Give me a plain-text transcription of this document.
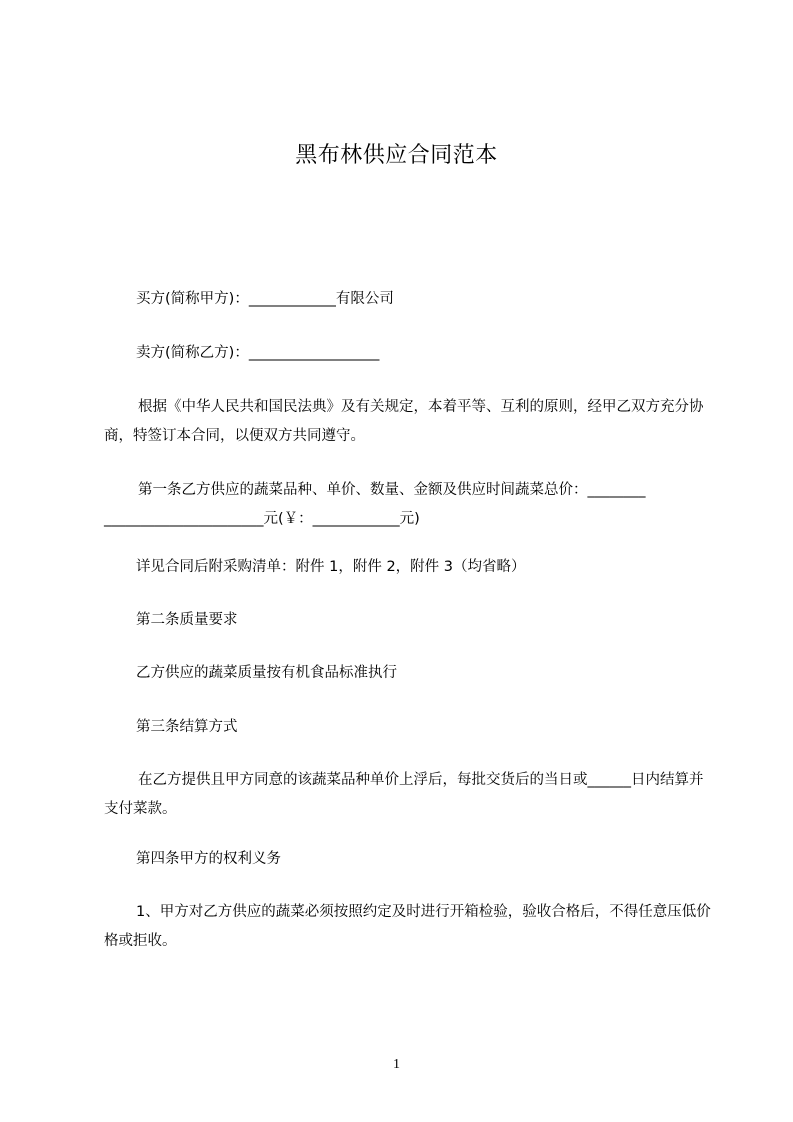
黑布林供应合同范本

买方(简称甲方)：____________有限公司

卖方(简称乙方)：__________________

根据《中华人民共和国民法典》及有关规定，本着平等、互利的原则，经甲乙双方充分协商，特签订本合同，以便双方共同遵守。

第一条乙方供应的蔬菜品种、单价、数量、金额及供应时间蔬菜总价：________ ______________________元(￥：____________元)

详见合同后附采购清单：附件 1，附件 2，附件 3（均省略）

第二条质量要求

乙方供应的蔬菜质量按有机食品标准执行

第三条结算方式

在乙方提供且甲方同意的该蔬菜品种单价上浮后，每批交货后的当日或______日内结算并支付菜款。

第四条甲方的权利义务

1、甲方对乙方供应的蔬菜必须按照约定及时进行开箱检验，验收合格后，不得任意压低价格或拒收。

1
